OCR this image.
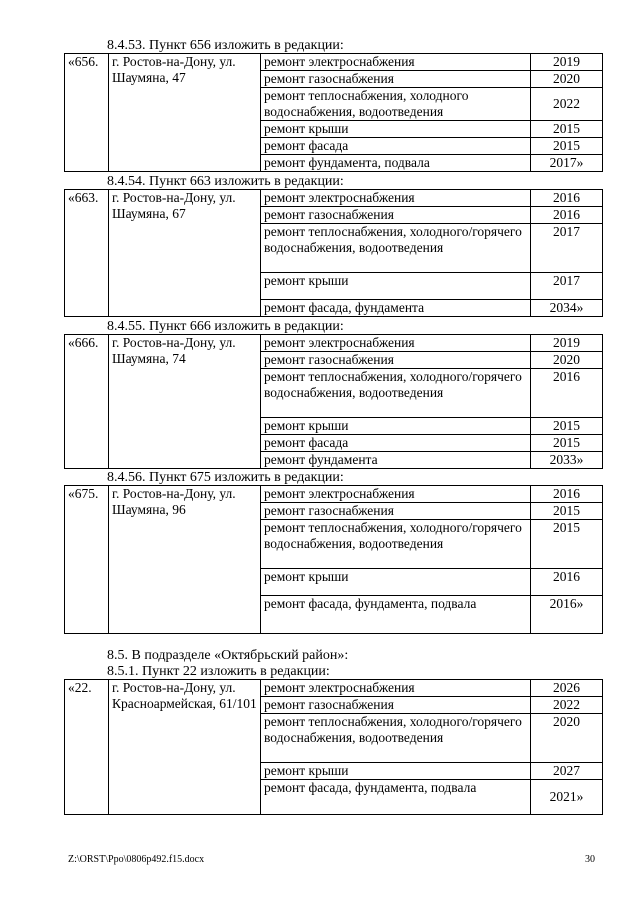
8.4.53. Пункт 656 изложить в редакции:
«656.	г. Ростов-на-Дону, ул. Шаумяна, 47	ремонт электроснабжения	2019
		ремонт газоснабжения	2020
		ремонт теплоснабжения, холодного водоснабжения, водоотведения	2022
		ремонт крыши	2015
		ремонт фасада	2015
		ремонт фундамента, подвала	2017»
8.4.54. Пункт 663 изложить в редакции:
«663.	г. Ростов-на-Дону, ул. Шаумяна, 67	ремонт электроснабжения	2016
		ремонт газоснабжения	2016
		ремонт теплоснабжения, холодного/горячего водоснабжения, водоотведения	2017
		ремонт крыши	2017
		ремонт фасада, фундамента	2034»
8.4.55. Пункт 666 изложить в редакции:
«666.	г. Ростов-на-Дону, ул. Шаумяна, 74	ремонт электроснабжения	2019
		ремонт газоснабжения	2020
		ремонт теплоснабжения, холодного/горячего водоснабжения, водоотведения	2016
		ремонт крыши	2015
		ремонт фасада	2015
		ремонт фундамента	2033»
8.4.56. Пункт 675 изложить в редакции:
«675.	г. Ростов-на-Дону, ул. Шаумяна, 96	ремонт электроснабжения	2016
		ремонт газоснабжения	2015
		ремонт теплоснабжения, холодного/горячего водоснабжения, водоотведения	2015
		ремонт крыши	2016
		ремонт фасада, фундамента, подвала	2016»
8.5. В подразделе «Октябрьский район»:
8.5.1. Пункт 22 изложить в редакции:
«22.	г. Ростов-на-Дону, ул. Красноармейская, 61/101	ремонт электроснабжения	2026
		ремонт газоснабжения	2022
		ремонт теплоснабжения, холодного/горячего водоснабжения, водоотведения	2020
		ремонт крыши	2027
		ремонт фасада, фундамента, подвала	2021»
Z:\ORST\Ppo\0806p492.f15.docx	30
